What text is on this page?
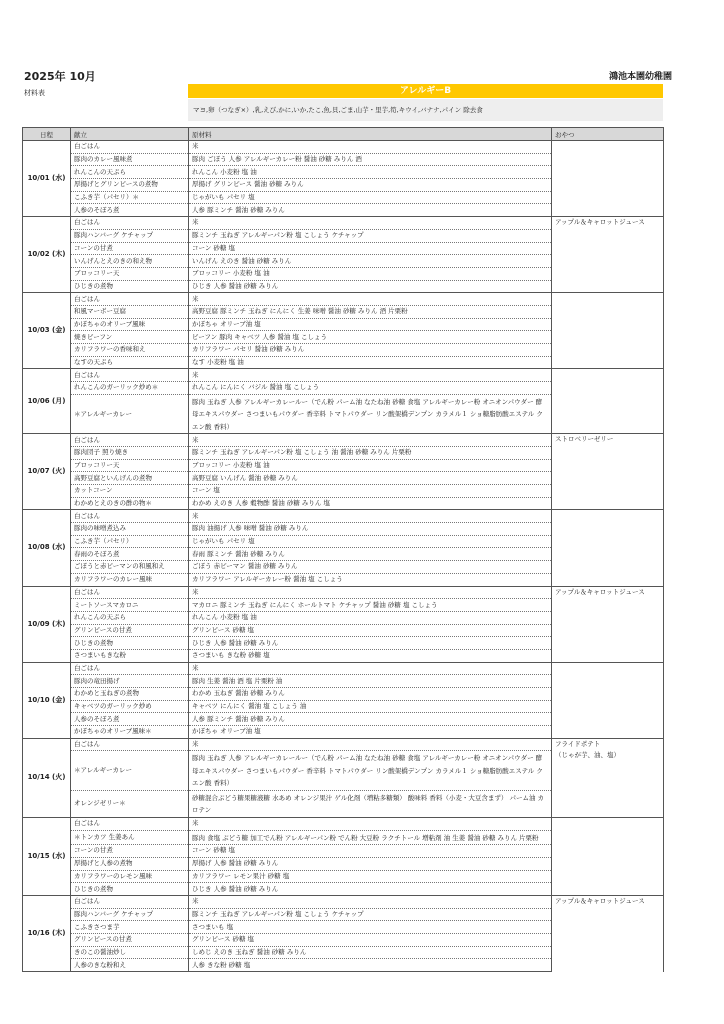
2025年 10月
材料表
鴻池本園幼稚園
アレルギーB
マヨ,卵（つなぎ×）,乳,えび,かに,いか,たこ,魚,貝,ごま,山芋・里芋,筍,キウイ,バナナ,パイン 除去食
日程	献立	原材料	おやつ
10/01 (水)	白ごはん	米	
	豚肉のカレー風味煮	豚肉 ごぼう 人参 アレルギーカレー粉 醤油 砂糖 みりん 酒	
	れんこんの天ぷら	れんこん 小麦粉 塩 油	
	厚揚げとグリンピースの煮物	厚揚げ グリンピース 醤油 砂糖 みりん	
	こふき芋（パセリ）＊	じゃがいも パセリ 塩	
	人参のそぼろ煮	人参 豚ミンチ 醤油 砂糖 みりん	
10/02 (木)	白ごはん	米	アップル＆キャロットジュース
	豚肉ハンバーグ ケチャップ	豚ミンチ 玉ねぎ アレルギーパン粉 塩 こしょう ケチャップ	
	コーンの甘煮	コーン 砂糖 塩	
	いんげんとえのきの和え物	いんげん えのき 醤油 砂糖 みりん	
	ブロッコリー天	ブロッコリー 小麦粉 塩 油	
	ひじきの煮物	ひじき 人参 醤油 砂糖 みりん	
10/03 (金)	白ごはん	米	
	和風マーボー豆腐	高野豆腐 豚ミンチ 玉ねぎ にんにく 生姜 味噌 醤油 砂糖 みりん 酒 片栗粉	
	かぼちゃのオリーブ風味	かぼちゃ オリーブ油 塩	
	焼きビーフン	ビーフン 豚肉 キャベツ 人参 醤油 塩 こしょう	
	カリフラワーの香味和え	カリフラワー パセリ 醤油 砂糖 みりん	
	なすの天ぷら	なす 小麦粉 塩 油	
10/06 (月)	白ごはん	米	
	れんこんのガーリック炒め＊	れんこん にんにく バジル 醤油 塩 こしょう	
	＊アレルギーカレー	豚肉 玉ねぎ 人参 アレルギーカレールー（でん粉 パーム油 なたね油 砂糖 食塩 アレルギーカレー粉 オニオンパウダー 酵母エキスパウダー さつまいもパウダー 香辛料 トマトパウダー リン酸架橋デンプン カラメル１ ショ糖脂肪酸エステル クエン酸 香料）	
10/07 (火)	白ごはん	米	ストロベリーゼリー
	豚肉団子 照り焼き	豚ミンチ 玉ねぎ アレルギーパン粉 塩 こしょう 油 醤油 砂糖 みりん 片栗粉	
	ブロッコリー天	ブロッコリー 小麦粉 塩 油	
	高野豆腐といんげんの煮物	高野豆腐 いんげん 醤油 砂糖 みりん	
	カットコーン	コーン 塩	
	わかめとえのきの酢の物＊	わかめ えのき 人参 穀物酢 醤油 砂糖 みりん 塩	
10/08 (水)	白ごはん	米	
	豚肉の味噌煮込み	豚肉 油揚げ 人参 味噌 醤油 砂糖 みりん	
	こふき芋（パセリ）	じゃがいも パセリ 塩	
	春雨のそぼろ煮	春雨 豚ミンチ 醤油 砂糖 みりん	
	ごぼうと赤ピーマンの和風和え	ごぼう 赤ピーマン 醤油 砂糖 みりん	
	カリフラワーのカレー風味	カリフラワー アレルギーカレー粉 醤油 塩 こしょう	
10/09 (木)	白ごはん	米	アップル＆キャロットジュース
	ミートソースマカロニ	マカロニ 豚ミンチ 玉ねぎ にんにく ホールトマト ケチャップ 醤油 砂糖 塩 こしょう	
	れんこんの天ぷら	れんこん 小麦粉 塩 油	
	グリンピースの甘煮	グリンピース 砂糖 塩	
	ひじきの煮物	ひじき 人参 醤油 砂糖 みりん	
	さつまいもきな粉	さつまいも きな粉 砂糖 塩	
10/10 (金)	白ごはん	米	
	豚肉の竜田揚げ	豚肉 生姜 醤油 酒 塩 片栗粉 油	
	わかめと玉ねぎの煮物	わかめ 玉ねぎ 醤油 砂糖 みりん	
	キャベツのガーリック炒め	キャベツ にんにく 醤油 塩 こしょう 油	
	人参のそぼろ煮	人参 豚ミンチ 醤油 砂糖 みりん	
	かぼちゃのオリーブ風味＊	かぼちゃ オリーブ油 塩	
10/14 (火)	白ごはん	米	フライドポテト
（じゃが芋、油、塩）
	＊アレルギーカレー	豚肉 玉ねぎ 人参 アレルギーカレールー（でん粉 パーム油 なたね油 砂糖 食塩 アレルギーカレー粉 オニオンパウダー 酵母エキスパウダー さつまいもパウダー 香辛料 トマトパウダー リン酸架橋デンプン カラメル１ ショ糖脂肪酸エステル クエン酸 香料）	
	オレンジゼリー＊	砂糖混合ぶどう糖果糖液糖 水あめ オレンジ果汁 ゲル化剤（増粘多糖類） 酸味料 香料（小麦・大豆含まず） パーム油 カロテン	
10/15 (水)	白ごはん	米	
	＊トンカツ 生姜あん	豚肉 食塩 ぶどう糖 加工でん粉 アレルギーパン粉 でん粉 大豆粉 ラクチトール 増粘剤 油 生姜 醤油 砂糖 みりん 片栗粉	
	コーンの甘煮	コーン 砂糖 塩	
	厚揚げと人参の煮物	厚揚げ 人参 醤油 砂糖 みりん	
	カリフラワーのレモン風味	カリフラワー レモン果汁 砂糖 塩	
	ひじきの煮物	ひじき 人参 醤油 砂糖 みりん	
10/16 (木)	白ごはん	米	アップル＆キャロットジュース
	豚肉ハンバーグ ケチャップ	豚ミンチ 玉ねぎ アレルギーパン粉 塩 こしょう ケチャップ	
	こふきさつま芋	さつまいも 塩	
	グリンピースの甘煮	グリンピース 砂糖 塩	
	きのこの醤油炒し	しめじ えのき 玉ねぎ 醤油 砂糖 みりん	
	人参のきな粉和え	人参 きな粉 砂糖 塩	
